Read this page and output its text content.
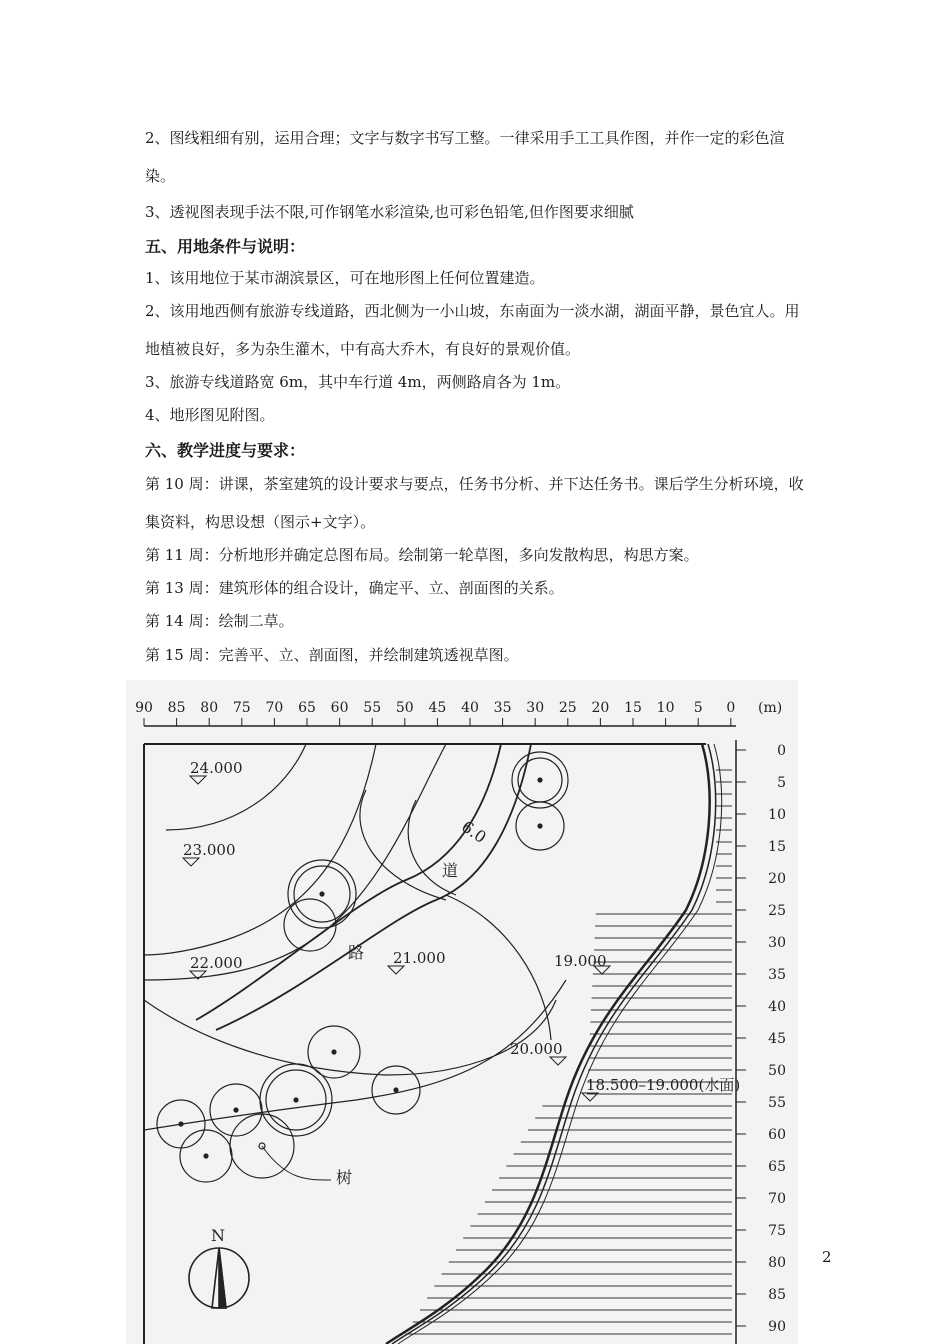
2、图线粗细有别，运用合理；文字与数字书写工整。一律采用手工工具作图，并作一定的彩色渲
染。
3、透视图表现手法不限,可作钢笔水彩渲染,也可彩色铅笔,但作图要求细腻
五、用地条件与说明：
1、该用地位于某市湖滨景区，可在地形图上任何位置建造。
2、该用地西侧有旅游专线道路，西北侧为一小山坡，东南面为一淡水湖，湖面平静，景色宜人。用
地植被良好，多为杂生灌木，中有高大乔木，有良好的景观价值。
3、旅游专线道路宽 6m，其中车行道 4m，两侧路肩各为 1m。
4、地形图见附图。
六、教学进度与要求：
第 10 周：讲课，茶室建筑的设计要求与要点，任务书分析、并下达任务书。课后学生分析环境，收
集资料，构思设想（图示+文字）。
第 11 周：分析地形并确定总图布局。绘制第一轮草图，多向发散构思，构思方案。
第 13 周：建筑形体的组合设计，确定平、立、剖面图的关系。
第 14 周：绘制二草。
第 15 周：完善平、立、剖面图，并绘制建筑透视草图。
(m)
24.000
23.000
22.000	21.000
20.000
19.000
18.500–19.000(水面)
道
路
6.0
树
N
0
5
10
15
20
25
30
35
40
45
50
55
60
65
70
75
80
85
90
90 85 80 75 70 65 60 55 50 45 40 35 30 25 20 15 10 5 0
2
